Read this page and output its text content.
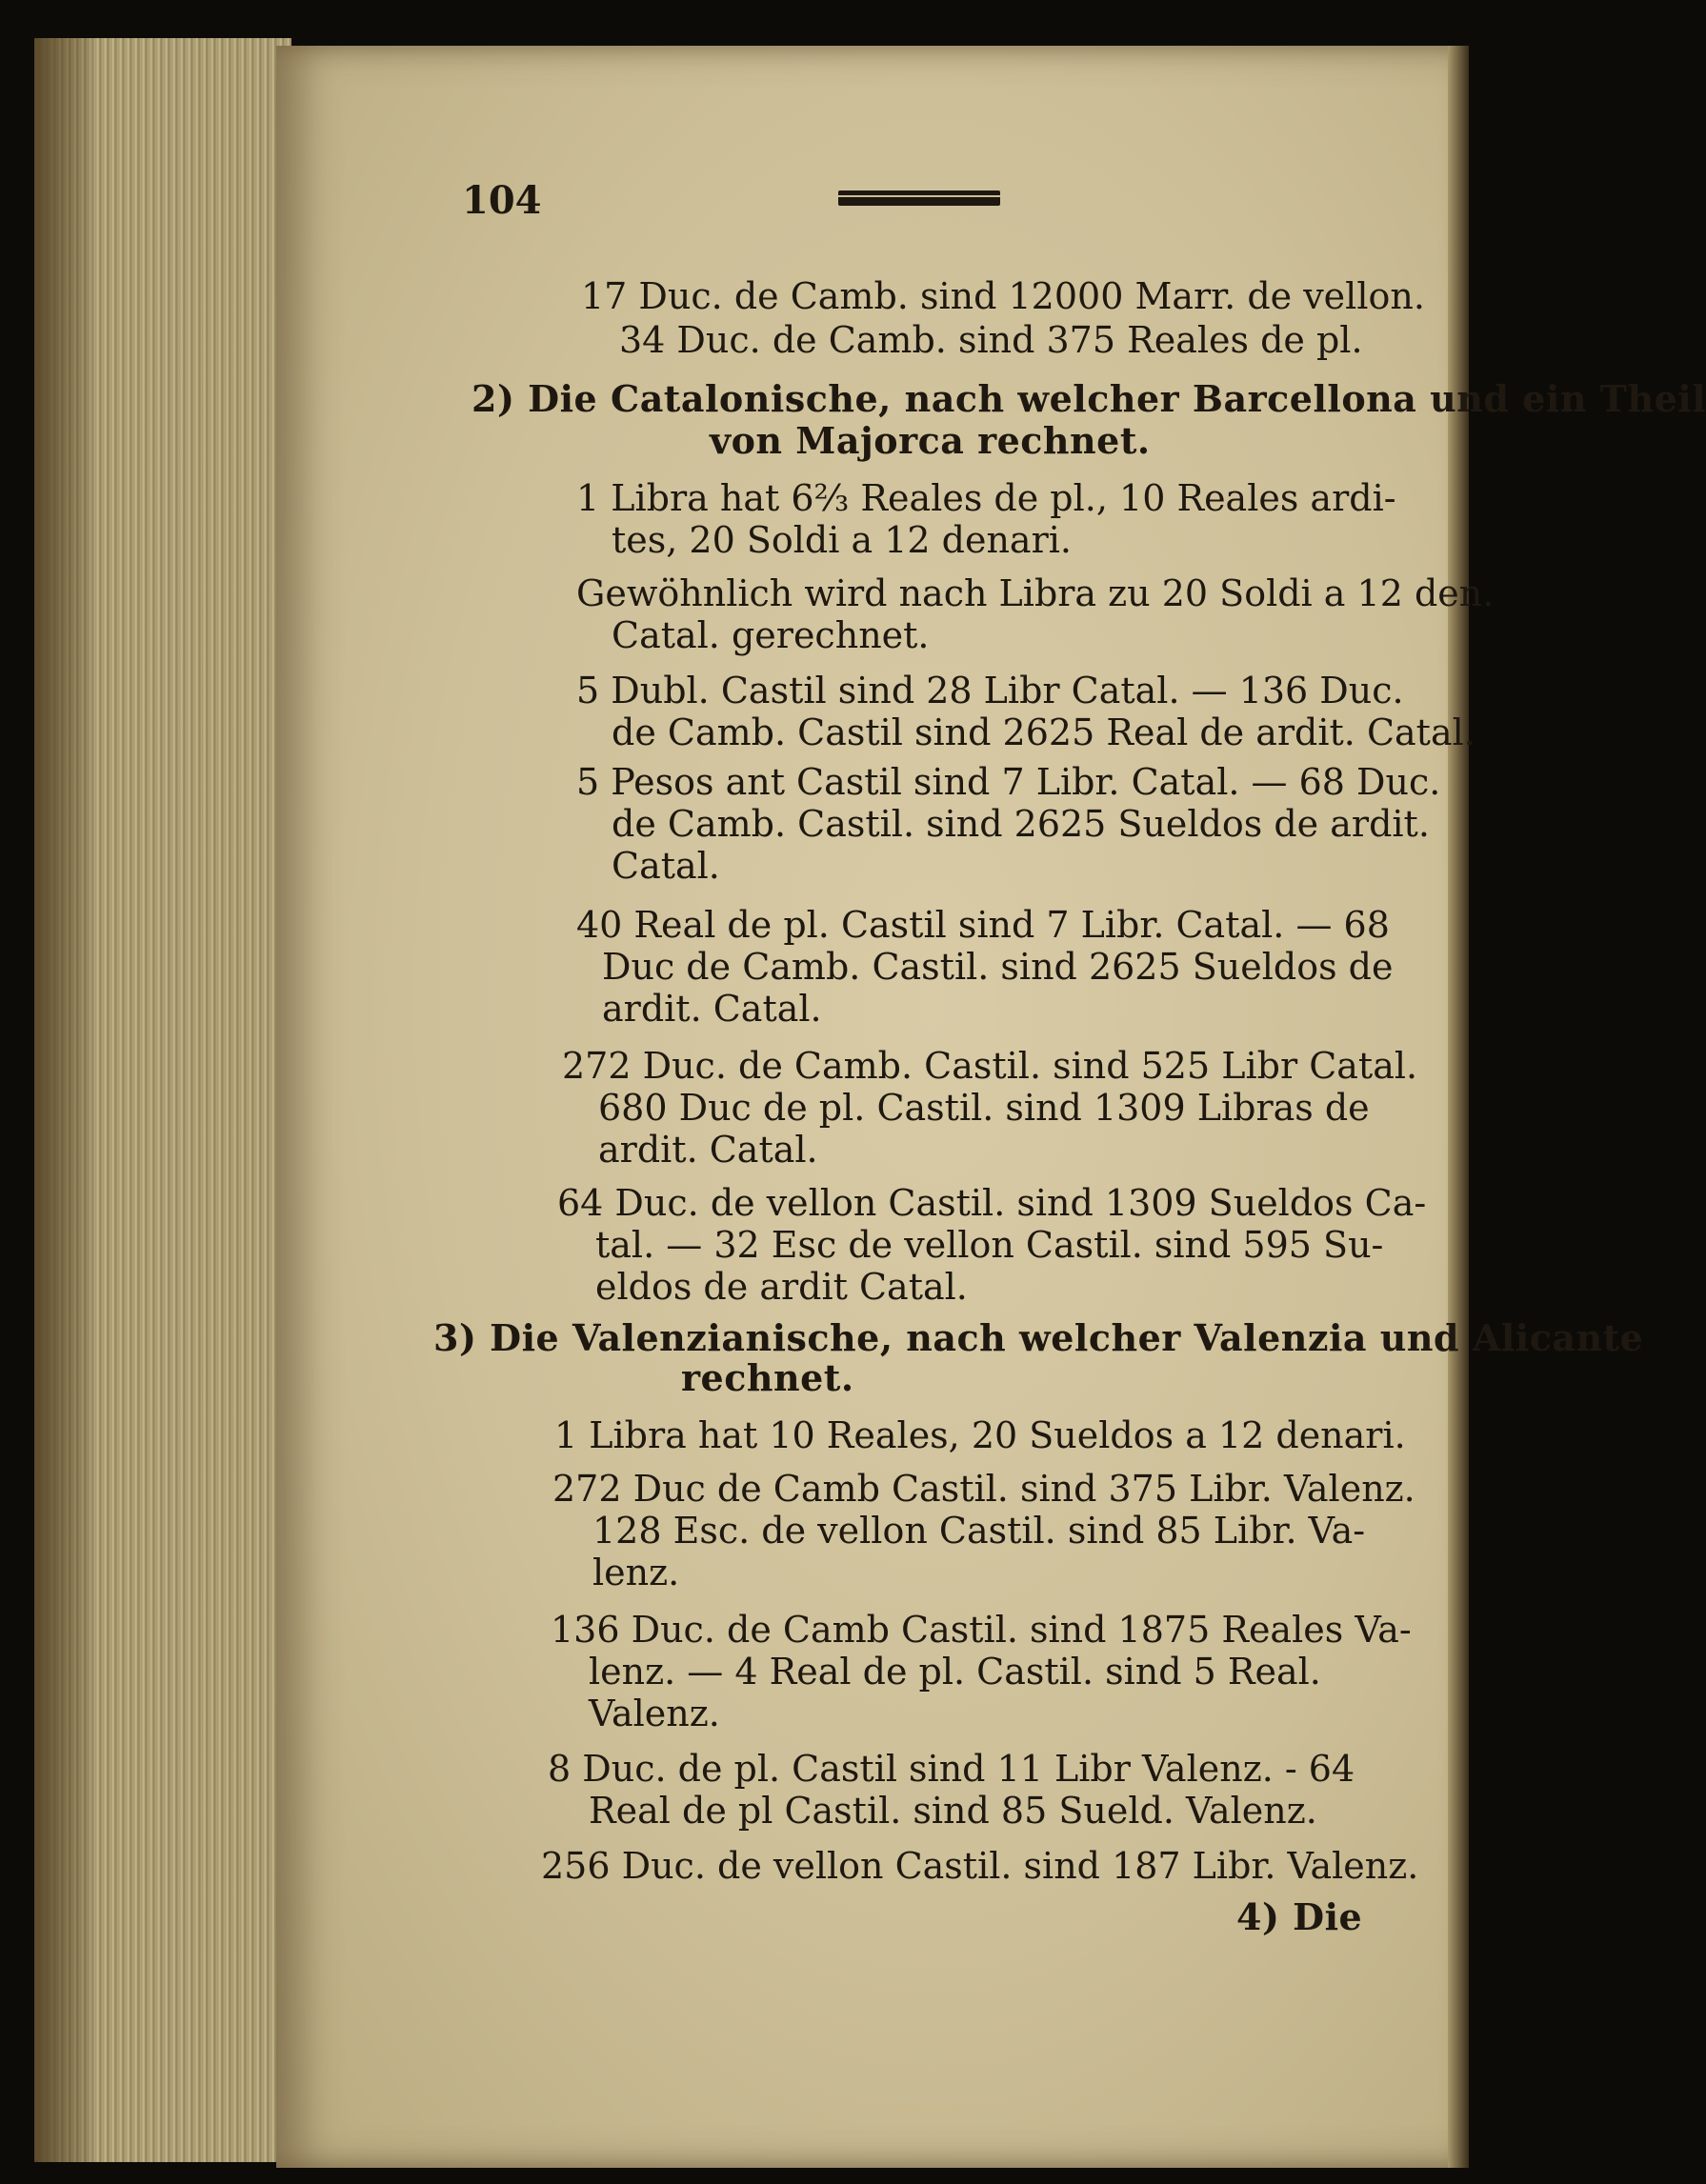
104
17 Duc. de Camb. sind 12000 Marr. de vellon.
34 Duc. de Camb. sind 375 Reales de pl.
2) Die Catalonische, nach welcher Barcellona und ein Theil
von Majorca rechnet.
1 Libra hat 6⅔ Reales de pl., 10 Reales ardi-
tes, 20 Soldi a 12 denari.
Gewöhnlich wird nach Libra zu 20 Soldi a 12 den.
Catal. gerechnet.
5 Dubl. Castil sind 28 Libr Catal. — 136 Duc.
de Camb. Castil sind 2625 Real de ardit. Catal.
5 Pesos ant Castil sind 7 Libr. Catal. — 68 Duc.
de Camb. Castil. sind 2625 Sueldos de ardit.
Catal.
40 Real de pl. Castil sind 7 Libr. Catal. — 68
Duc de Camb. Castil. sind 2625 Sueldos de
ardit. Catal.
272 Duc. de Camb. Castil. sind 525 Libr Catal.
680 Duc de pl. Castil. sind 1309 Libras de
ardit. Catal.
64 Duc. de vellon Castil. sind 1309 Sueldos Ca-
tal. — 32 Esc de vellon Castil. sind 595 Su-
eldos de ardit Catal.
3) Die Valenzianische, nach welcher Valenzia und Alicante
rechnet.
1 Libra hat 10 Reales, 20 Sueldos a 12 denari.
272 Duc de Camb Castil. sind 375 Libr. Valenz.
128 Esc. de vellon Castil. sind 85 Libr. Va-
lenz.
136 Duc. de Camb Castil. sind 1875 Reales Va-
lenz. — 4 Real de pl. Castil. sind 5 Real.
Valenz.
8 Duc. de pl. Castil sind 11 Libr Valenz. - 64
Real de pl Castil. sind 85 Sueld. Valenz.
256 Duc. de vellon Castil. sind 187 Libr. Valenz.
4) Die
